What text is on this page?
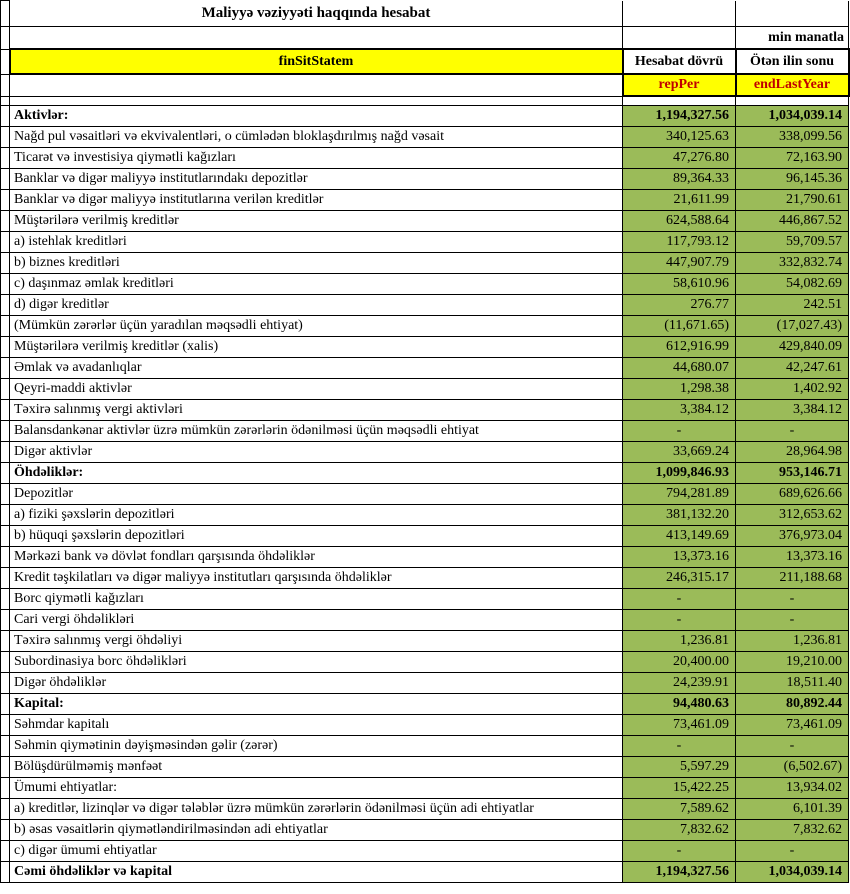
	Maliyyə vəziyyəti haqqında hesabat		
			min manatla
	finSitStatem	Hesabat dövrü	Ötən ilin sonu
		repPer	endLastYear

	Aktivlər:	1,194,327.56	1,034,039.14
	Nağd pul vəsaitləri və ekvivalentləri, o cümlədən bloklaşdırılmış nağd vəsait	340,125.63	338,099.56
	Ticarət və investisiya qiymətli kağızları	47,276.80	72,163.90
	Banklar və digər maliyyə institutlarındakı depozitlər	89,364.33	96,145.36
	Banklar və digər maliyyə institutlarına verilən kreditlər	21,611.99	21,790.61
	Müştərilərə verilmiş kreditlər	624,588.64	446,867.52
	a) istehlak kreditləri	117,793.12	59,709.57
	b) biznes kreditləri	447,907.79	332,832.74
	c) daşınmaz əmlak kreditləri	58,610.96	54,082.69
	d) digər kreditlər	276.77	242.51
	(Mümkün zərərlər üçün yaradılan məqsədli ehtiyat)	(11,671.65)	(17,027.43)
	Müştərilərə verilmiş kreditlər (xalis)	612,916.99	429,840.09
	Əmlak və avadanlıqlar	44,680.07	42,247.61
	Qeyri-maddi aktivlər	1,298.38	1,402.92
	Təxirə salınmış vergi aktivləri	3,384.12	3,384.12
	Balansdankənar aktivlər üzrə mümkün zərərlərin ödənilməsi üçün məqsədli ehtiyat	-	-
	Digər aktivlər	33,669.24	28,964.98
	Öhdəliklər:	1,099,846.93	953,146.71
	Depozitlər	794,281.89	689,626.66
	a) fiziki şəxslərin depozitləri	381,132.20	312,653.62
	b) hüquqi şəxslərin depozitləri	413,149.69	376,973.04
	Mərkəzi bank və dövlət fondları qarşısında öhdəliklər	13,373.16	13,373.16
	Kredit təşkilatları və digər maliyyə institutları qarşısında öhdəliklər	246,315.17	211,188.68
	Borc qiymətli kağızları	-	-
	Cari vergi öhdəlikləri	-	-
	Təxirə salınmış vergi öhdəliyi	1,236.81	1,236.81
	Subordinasiya borc öhdəlikləri	20,400.00	19,210.00
	Digər öhdəliklər	24,239.91	18,511.40
	Kapital:	94,480.63	80,892.44
	Səhmdar kapitalı	73,461.09	73,461.09
	Səhmin qiymətinin dəyişməsindən gəlir (zərər)	-	-
	Bölüşdürülməmiş mənfəət	5,597.29	(6,502.67)
	Ümumi ehtiyatlar:	15,422.25	13,934.02
	a) kreditlər, lizinqlər və digər tələblər üzrə mümkün zərərlərin ödənilməsi üçün adi ehtiyatlar	7,589.62	6,101.39
	b) əsas vəsaitlərin qiymətləndirilməsindən adi ehtiyatlar	7,832.62	7,832.62
	c) digər ümumi ehtiyatlar	-	-
	Cəmi öhdəliklər və kapital	1,194,327.56	1,034,039.14
